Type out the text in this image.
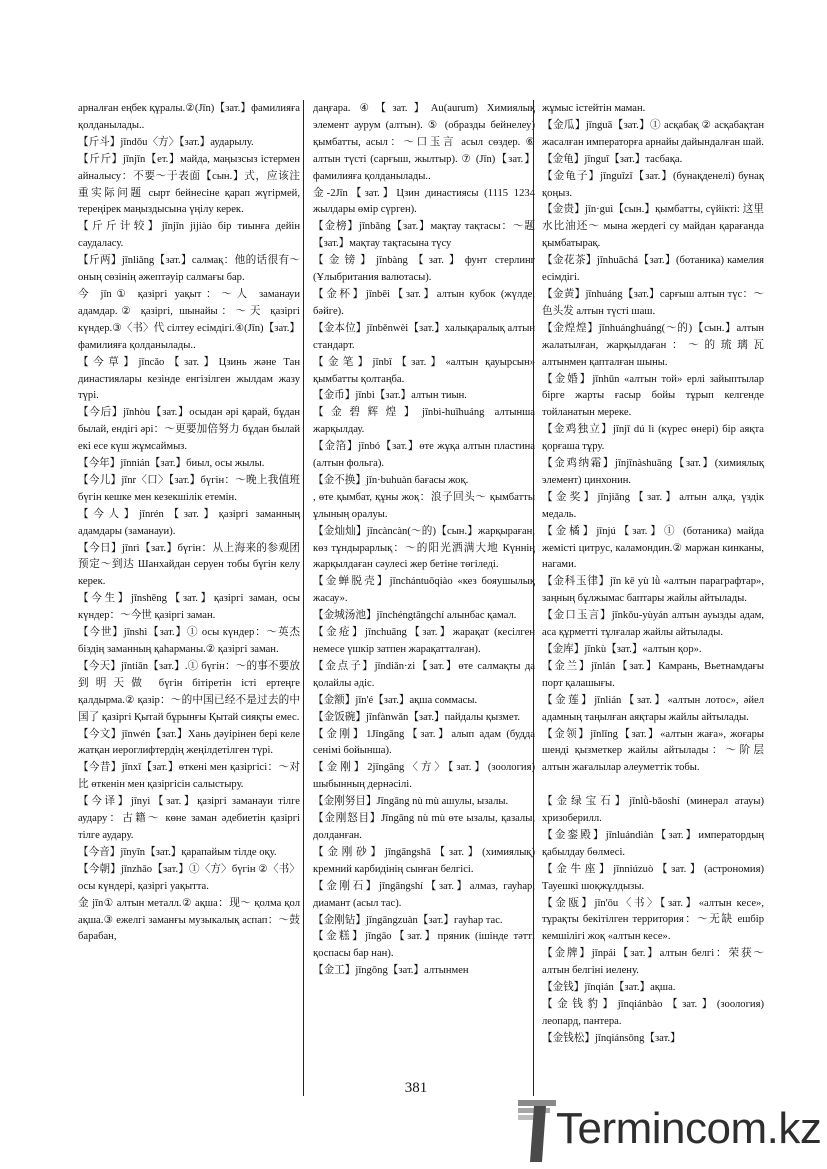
арналған еңбек құралы.②(Jīn)【зат.】фамилияға қолданылады..

【斤斗】jīndǒu〈方〉【зат.】аударылу.

【斤斤】jīnjīn【ет.】майда, маңызсыз істермен айналысу：不要～于表面【сын.】式，应该注重实际问题 сырт бейнесіне қарап жүгірмей, тереңірек маңыздысына үңілу керек.

【斤斤计较】jīnjīn jìjiào бір тиынға дейін саудаласу.

【斤两】jīnliǎng【зат.】салмақ：他的话很有～ оның сөзінің әжептәуір салмағы бар.

今 jīn① қазіргі уақыт：～人 заманауи адамдар.② қазіргі, шынайы：～天 қазіргі күндер.③〈书〉代 сілтеу есімдігі.④(Jīn)【зат.】фамилияға қолданылады..

【今草】jīncǎo【зат.】Цзинь және Тан династиялары кезінде енгізілген жылдам жазу түрі.

【今后】jīnhòu【зат.】осыдан әрі қарай, бұдан былай, ендігі әрі：～更要加倍努力 бұдан былай екі есе күш жұмсаймыз.

【今年】jīnnián【зат.】биыл, осы жылы.

【今儿】jīnr〈口〉【зат.】бүгін：～晚上我值班 бүгін кешке мен кезекшілік етемін.

【今人】jīnrén【зат.】қазіргі заманның адамдары (заманауи).

【今日】jīnrì【зат.】бүгін：从上海来的参观团预定～到达 Шанхайдан серуен тобы бүгін келу керек.

【今生】jīnshēng【зат.】қазіргі заман, осы күндер：～今世 қазіргі заман.

【今世】jīnshì【зат.】① осы күндер：～英杰 біздің заманның қаһарманы.② қазіргі заман.

【今天】jīntiān【зат.】.① бүгін：～的事不要放到明天做 бүгін бітіретін істі ертеңге қалдырма.② қазір：～的中国已经不是过去的中国了 қазіргі Қытай бұрынғы Қытай сияқты емес.

【今文】jīnwén【зат.】Хань дәуірінен бері келе жатқан иероглифтердің жеңілдетілген түрі.

【今昔】jīnxī【зат.】өткені мен қазіргісі：～对比 өткенін мен қазіргісін салыстыру.

【今译】jīnyì【зат.】қазіргі заманауи тілге аудару：古籍～ көне заман әдебиетін қазіргі тілге аудару.

【今音】jīnyīn【зат.】қарапайым тілде оқу.

【今朝】jīnzhāo【зат.】①〈方〉бүгін ②〈书〉осы күндері, қазіргі уақытта.

金 jīn① алтын металл.② ақша：现～ қолма қол ақша.③ ежелгі заманғы музыкалық аспап：～鼓 барабан,

даңғара. ④【зат.】Au(aurum) Химиялық элемент аурум (алтын). ⑤ (образды бейнелеу) қымбатты, асыл：～口玉言 асыл сөздер. ⑥ алтын түсті (сарғыш, жылтыр). ⑦ (Jīn)【зат.】фамилияға қолданылады..

金-2Jīn【зат.】Цзин династиясы (1115 1234 жылдары өмір сүрген).

【金榜】jīnbǎng【зат.】мақтау тақтасы：～题【зат.】мақтау тақтасына түсу

【金镑】jīnbàng【зат.】фунт стерлинг (Ұлыбритания валютасы).

【金杯】jīnbēi【зат.】алтын кубок (жүлде, бәйге).

【金本位】jīnběnwèi【зат.】халықаралық алтын стандарт.

【金笔】jīnbǐ【зат.】«алтын қауырсын» қымбатты қолтаңба.

【金币】jīnbì【зат.】алтын тиын.

【金碧辉煌】jīnbì-huīhuáng алтынша жарқылдау.

【金箔】jīnbó【зат.】өте жұқа алтын пластина (алтын фольга).

【金不换】jīn·buhuàn бағасы жоқ.

, өте қымбат, құны жоқ：浪子回头～ қымбатты ұлының оралуы.

【金灿灿】jīncàncàn(～的)【сын.】жарқыраған, көз тұндырарлық：～的阳光洒满大地 Күннің жарқылдаған сәулесі жер бетіне төгіледі.

【金蝉脱壳】jīnchántuōqiào «кез бояушылық жасау».

【金城汤池】jīnchéngtāngchí алынбас қамал.

【金疮】jīnchuāng【зат.】жарақат (кесілген немесе үшкір затпен жарақатталған).

【金点子】jīndiǎn·zi【зат.】өте салмақты да қолайлы әдіс.

【金额】jīn'é【зат.】ақша соммасы.

【金饭碗】jīnfànwǎn【зат.】пайдалы қызмет.

【金刚】1Jīngāng【зат.】алып адам (будда сенімі бойынша).

【金刚】2jīngāng〈方〉【зат.】(зоология) шыбынның дернәсілі.

【金刚努目】Jīngāng nù mù ашулы, ызалы.

【金刚怒目】Jīngāng nù mù өте ызалы, қазалы, долданған.

【金刚砂】jīngāngshā【зат.】(химиялық) кремний карбидінің сынған белгісі.

【金刚石】jīngāngshí【зат.】алмаз, гауһар, диамант (асыл тас).

【金刚钻】jīngāngzuàn【зат.】гауһар тас.

【金糕】jīngāo【зат.】пряник (ішінде тәтті қоспасы бар нан).

【金工】jīngōng【зат.】алтынмен

жұмыс істейтін маман.

【金瓜】jīnguā【зат.】① асқабақ ② асқабақтан жасалған императорға арнайы дайындалған шай.

【金龟】jīnguī【зат.】тасбақа.

【金龟子】jīnguīzǐ【зат.】(бунақденелі) бунақ қоңыз.

【金贵】jīn·guì【сын.】қымбатты, сүйікті: 这里水比油还～ мына жердегі су майдан қарағанда қымбатырақ.

【金花茶】jīnhuāchá【зат.】(ботаника) камелия есімдігі.

【金黄】jīnhuáng【зат.】сарғыш алтын түс：～色头发 алтын түсті шаш.

【金煌煌】jīnhuánghuáng(～的)【сын.】алтын жалатылған, жарқылдаған：～的琉璃瓦 алтынмен қапталған шыны.

【金婚】jīnhūn «алтын той» ерлі зайыптылар бірге жарты ғасыр бойы тұрып келгенде тойланатын мереке.

【金鸡独立】jīnjī dú lì (күрес өнері) бір аяқта қорғаша тұру.

【金鸡纳霜】jīnjīnàshuāng【зат.】(химиялық элемент) цинхонин.

【金奖】jīnjiǎng【зат.】алтын алқа, үздік медаль.

【金橘】jīnjú【зат.】① (ботаника) майда жемісті цитрус, каламондин.② маржан кинканы, нагами.

【金科玉律】jīn kē yù lǜ «алтын параграфтар», заңның бұлжымас баптары жайлы айтылады.

【金口玉言】jīnkǒu-yùyán алтын ауызды адам, аса құрметті тұлғалар жайлы айтылады.

【金库】jīnkù【зат.】«алтын қор».

【金兰】jīnlán【зат.】Камрань, Вьетнамдағы порт қалашығы.

【金莲】jīnlián【зат.】«алтын лотос», әйел адамның таңылған аяқтары жайлы айтылады.

【金领】jīnlǐng【зат.】«алтын жаға», жоғары шенді қызметкер жайлы айтылады：～阶层 алтын жағалылар әлеуметтік тобы.

【金绿宝石】jīnlǜ-bǎoshí (минерал атауы) хризоберилл.

【金銮殿】jīnluándiàn【зат.】императордың қабылдау бөлмесі.

【金牛座】jīnniúzuò【зат.】(астрономия) Тауешкі шоқжұлдызы.

【金瓯】jīn'ōu〈书〉【зат.】«алтын кесе», тұрақты бекітілген территория：～无缺 ешбір кемшілігі жоқ «алтын кесе».

【金牌】jīnpái【зат.】алтын белгі：荣获～ алтын белгіні иелену.

【金钱】jīnqián【зат.】ақша.

【金钱豹】jīnqiánbào【зат.】(зоология) леопард, пантера.

【金钱松】jīnqiánsōng【зат.】

381
Termincom.kz
